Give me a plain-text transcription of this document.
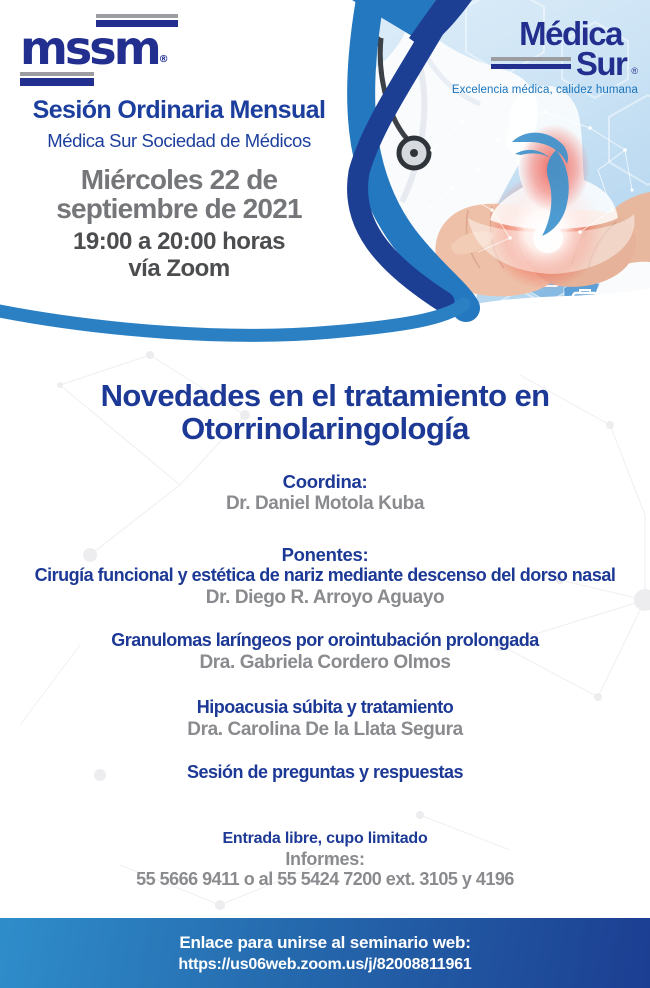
mssm®
Médica
Sur ®
Excelencia médica, calidez humana
Sesión Ordinaria Mensual
Médica Sur Sociedad de Médicos
Miércoles 22 de
septiembre de 2021
19:00 a 20:00 horas
vía Zoom
Novedades en el tratamiento en
Otorrinolaringología
Coordina:
Dr. Daniel Motola Kuba
Ponentes:
Cirugía funcional y estética de nariz mediante descenso del dorso nasal
Dr. Diego R. Arroyo Aguayo
Granulomas laríngeos por orointubación prolongada
Dra. Gabriela Cordero Olmos
Hipoacusia súbita y tratamiento
Dra. Carolina De la Llata Segura
Sesión de preguntas y respuestas
Entrada libre, cupo limitado
Informes:
55 5666 9411 o al 55 5424 7200 ext. 3105 y 4196
Enlace para unirse al seminario web:
https://us06web.zoom.us/j/82008811961
